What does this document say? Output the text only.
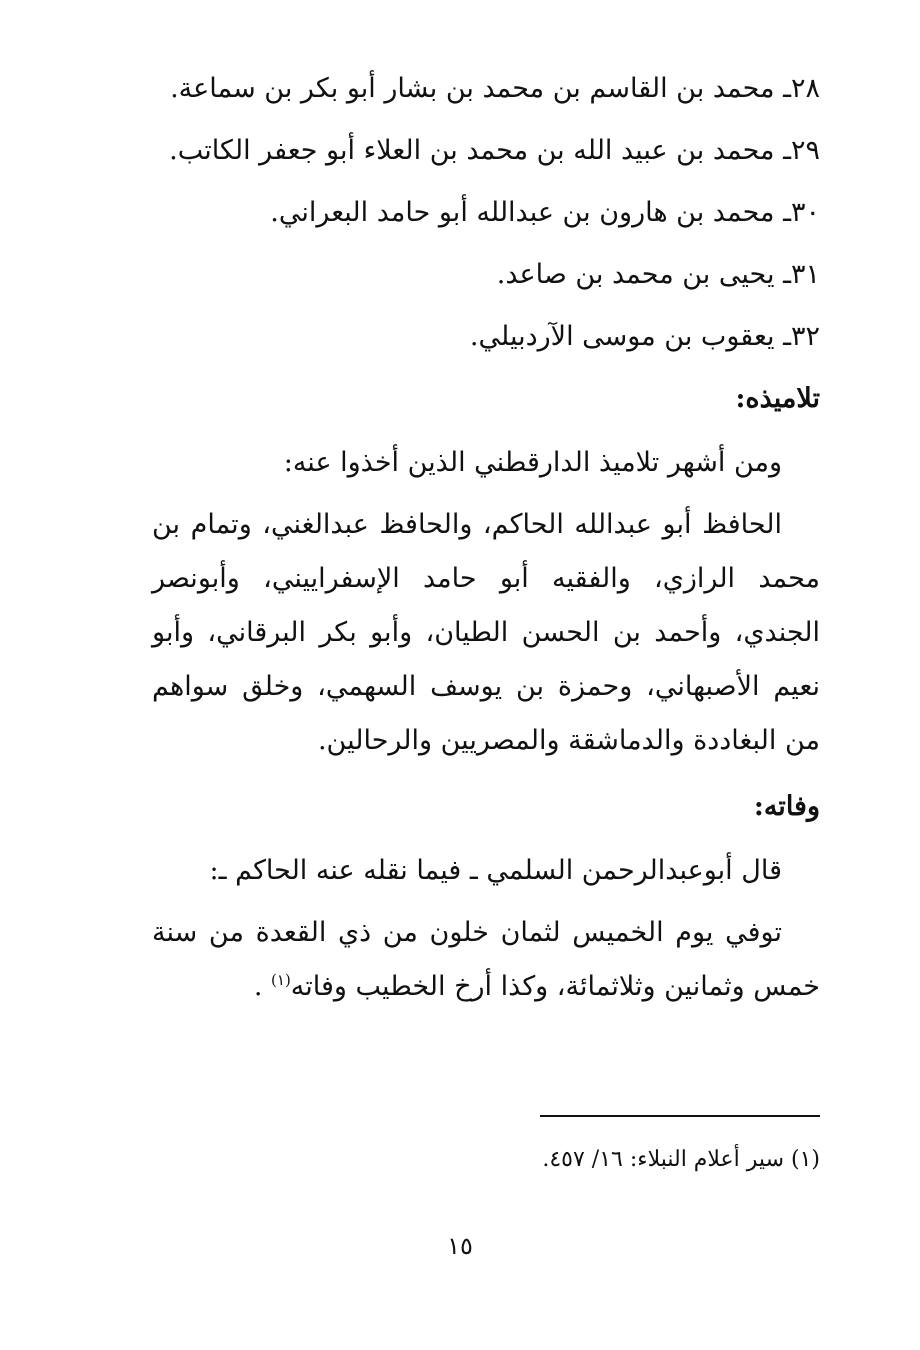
٢٨ـ محمد بن القاسم بن محمد بن بشار أبو بكر بن سماعة.
٢٩ـ محمد بن عبيد الله بن محمد بن العلاء أبو جعفر الكاتب.
٣٠ـ محمد بن هارون بن عبدالله أبو حامد البعراني.
٣١ـ يحيى بن محمد بن صاعد.
٣٢ـ يعقوب بن موسى الآردبيلي.
تلاميذه:
ومن أشهر تلاميذ الدارقطني الذين أخذوا عنه:
الحافظ أبو عبدالله الحاكم، والحافظ عبدالغني، وتمام بن محمد الرازي، والفقيه أبو حامد الإسفراييني، وأبونصر الجندي، وأحمد بن الحسن الطيان، وأبو بكر البرقاني، وأبو نعيم الأصبهاني، وحمزة بن يوسف السهمي، وخلق سواهم من البغاددة والدماشقة والمصريين والرحالين.
وفاته:
قال أبوعبدالرحمن السلمي ـ فيما نقله عنه الحاكم ـ:
توفي يوم الخميس لثمان خلون من ذي القعدة من سنة خمس وثمانين وثلاثمائة، وكذا أرخ الخطيب وفاته$^{(١)}$ .
(١) سير أعلام النبلاء: ١٦/ ٤٥٧.
١٥
